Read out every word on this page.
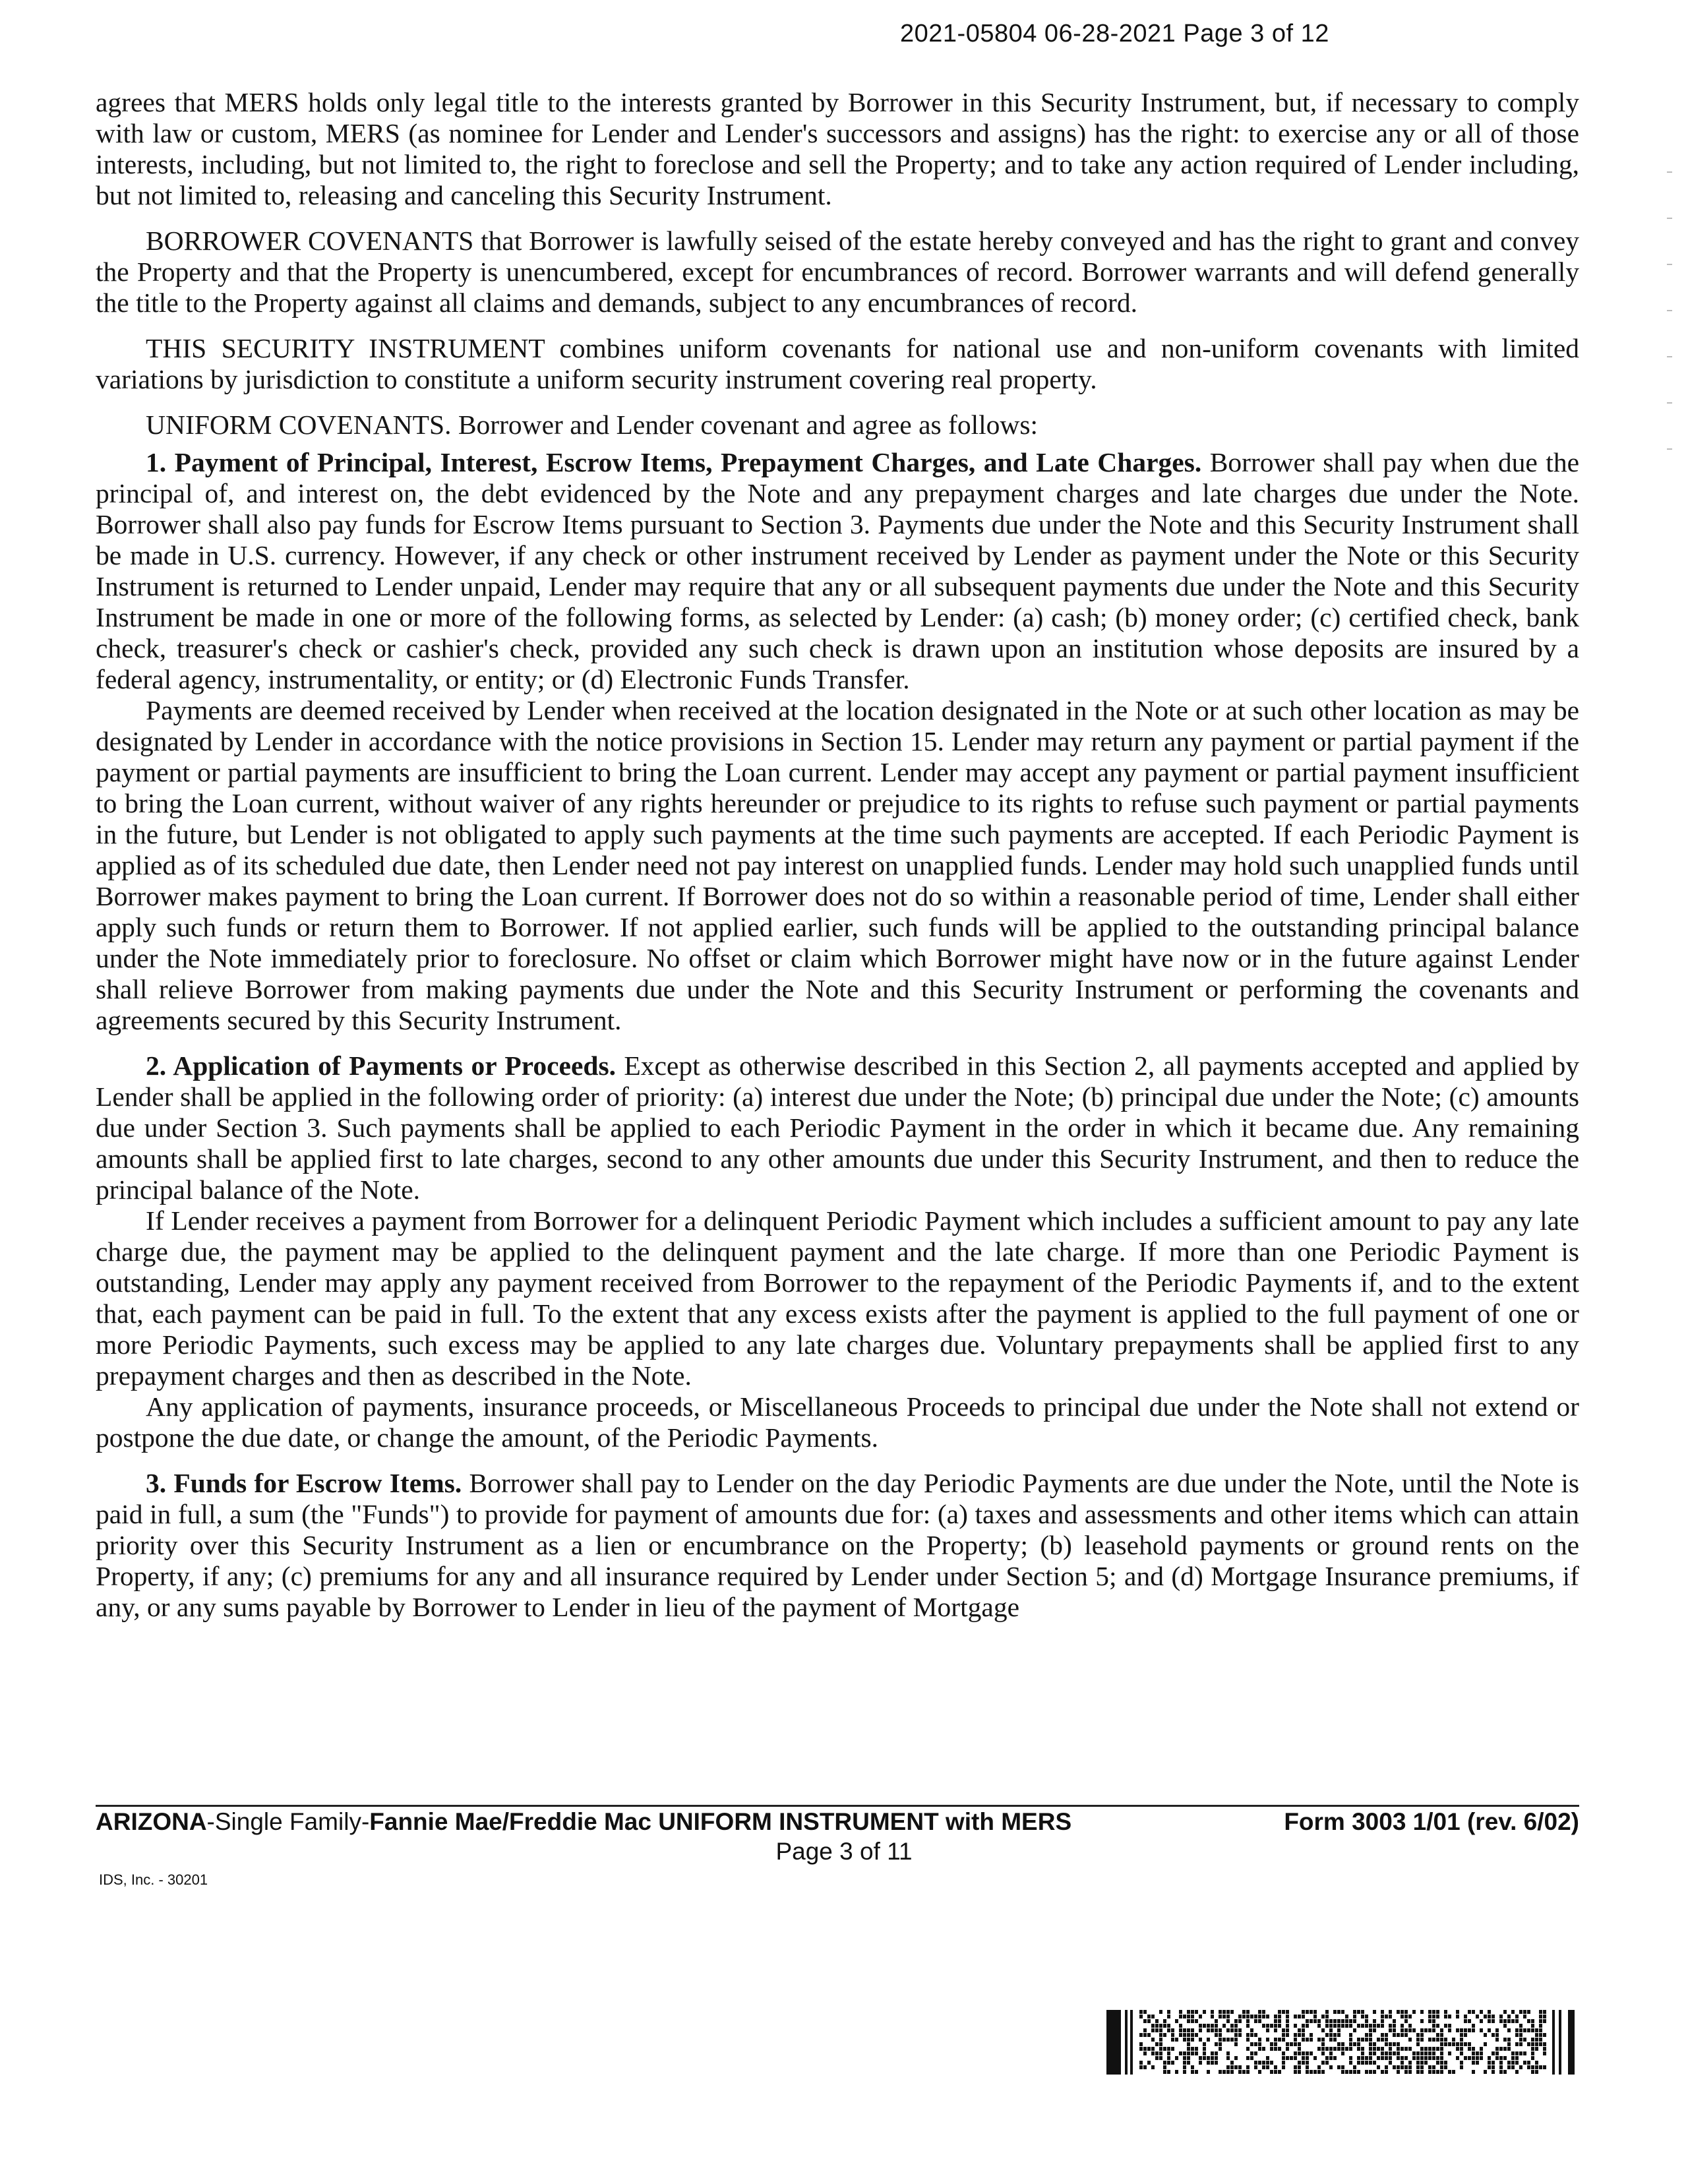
2021-05804 06-28-2021 Page 3 of 12

agrees that MERS holds only legal title to the interests granted by Borrower in this Security Instrument, but, if necessary to comply with law or custom, MERS (as nominee for Lender and Lender's successors and assigns) has the right: to exercise any or all of those interests, including, but not limited to, the right to foreclose and sell the Property; and to take any action required of Lender including, but not limited to, releasing and canceling this Security Instrument.

BORROWER COVENANTS that Borrower is lawfully seised of the estate hereby conveyed and has the right to grant and convey the Property and that the Property is unencumbered, except for encumbrances of record. Borrower warrants and will defend generally the title to the Property against all claims and demands, subject to any encumbrances of record.

THIS SECURITY INSTRUMENT combines uniform covenants for national use and non-uniform covenants with limited variations by jurisdiction to constitute a uniform security instrument covering real property.

UNIFORM COVENANTS. Borrower and Lender covenant and agree as follows:

1. Payment of Principal, Interest, Escrow Items, Prepayment Charges, and Late Charges. Borrower shall pay when due the principal of, and interest on, the debt evidenced by the Note and any prepayment charges and late charges due under the Note. Borrower shall also pay funds for Escrow Items pursuant to Section 3. Payments due under the Note and this Security Instrument shall be made in U.S. currency. However, if any check or other instrument received by Lender as payment under the Note or this Security Instrument is returned to Lender unpaid, Lender may require that any or all subsequent payments due under the Note and this Security Instrument be made in one or more of the following forms, as selected by Lender: (a) cash; (b) money order; (c) certified check, bank check, treasurer's check or cashier's check, provided any such check is drawn upon an institution whose deposits are insured by a federal agency, instrumentality, or entity; or (d) Electronic Funds Transfer.

Payments are deemed received by Lender when received at the location designated in the Note or at such other location as may be designated by Lender in accordance with the notice provisions in Section 15. Lender may return any payment or partial payment if the payment or partial payments are insufficient to bring the Loan current. Lender may accept any payment or partial payment insufficient to bring the Loan current, without waiver of any rights hereunder or prejudice to its rights to refuse such payment or partial payments in the future, but Lender is not obligated to apply such payments at the time such payments are accepted. If each Periodic Payment is applied as of its scheduled due date, then Lender need not pay interest on unapplied funds. Lender may hold such unapplied funds until Borrower makes payment to bring the Loan current. If Borrower does not do so within a reasonable period of time, Lender shall either apply such funds or return them to Borrower. If not applied earlier, such funds will be applied to the outstanding principal balance under the Note immediately prior to foreclosure. No offset or claim which Borrower might have now or in the future against Lender shall relieve Borrower from making payments due under the Note and this Security Instrument or performing the covenants and agreements secured by this Security Instrument.

2. Application of Payments or Proceeds. Except as otherwise described in this Section 2, all payments accepted and applied by Lender shall be applied in the following order of priority: (a) interest due under the Note; (b) principal due under the Note; (c) amounts due under Section 3. Such payments shall be applied to each Periodic Payment in the order in which it became due. Any remaining amounts shall be applied first to late charges, second to any other amounts due under this Security Instrument, and then to reduce the principal balance of the Note.

If Lender receives a payment from Borrower for a delinquent Periodic Payment which includes a sufficient amount to pay any late charge due, the payment may be applied to the delinquent payment and the late charge. If more than one Periodic Payment is outstanding, Lender may apply any payment received from Borrower to the repayment of the Periodic Payments if, and to the extent that, each payment can be paid in full. To the extent that any excess exists after the payment is applied to the full payment of one or more Periodic Payments, such excess may be applied to any late charges due. Voluntary prepayments shall be applied first to any prepayment charges and then as described in the Note.

Any application of payments, insurance proceeds, or Miscellaneous Proceeds to principal due under the Note shall not extend or postpone the due date, or change the amount, of the Periodic Payments.

3. Funds for Escrow Items. Borrower shall pay to Lender on the day Periodic Payments are due under the Note, until the Note is paid in full, a sum (the "Funds") to provide for payment of amounts due for: (a) taxes and assessments and other items which can attain priority over this Security Instrument as a lien or encumbrance on the Property; (b) leasehold payments or ground rents on the Property, if any; (c) premiums for any and all insurance required by Lender under Section 5; and (d) Mortgage Insurance premiums, if any, or any sums payable by Borrower to Lender in lieu of the payment of Mortgage

ARIZONA-Single Family-Fannie Mae/Freddie Mac UNIFORM INSTRUMENT with MERS	Form 3003 1/01 (rev. 6/02)
Page 3 of 11
IDS, Inc. - 30201
